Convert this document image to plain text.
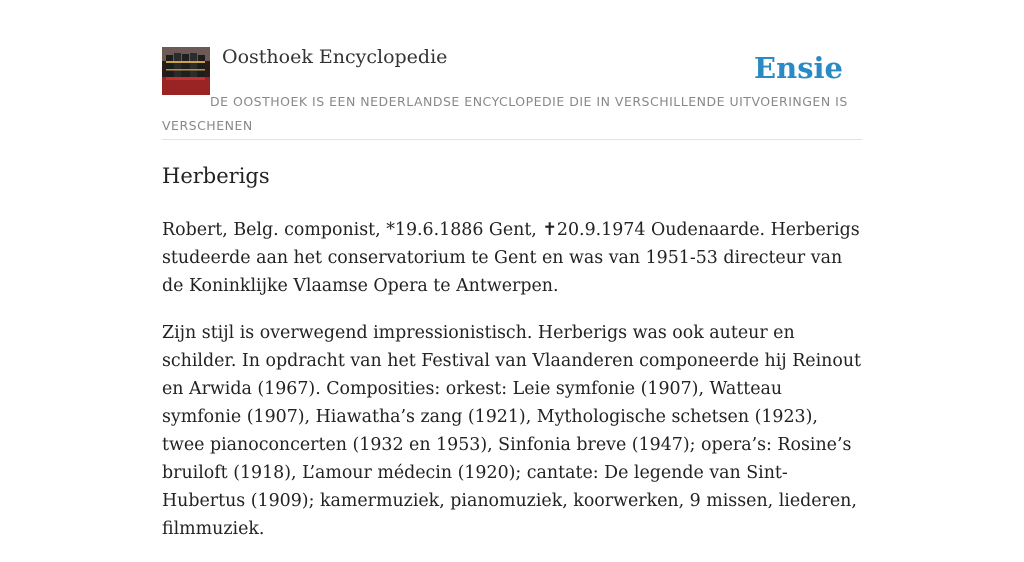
Oosthoek Encyclopedie	Ensie
DE OOSTHOEK IS EEN NEDERLANDSE ENCYCLOPEDIE DIE IN VERSCHILLENDE UITVOERINGEN IS VERSCHENEN
Herberigs

Robert, Belg. componist, *19.6.1886 Gent, ✝20.9.1974 Oudenaarde. Herberigs studeerde aan het conservatorium te Gent en was van 1951-53 directeur van de Koninklijke Vlaamse Opera te Antwerpen.

Zijn stijl is overwegend impressionistisch. Herberigs was ook auteur en schilder. In opdracht van het Festival van Vlaanderen componeerde hij Reinout en Arwida (1967). Composities: orkest: Leie symfonie (1907), Watteau symfonie (1907), Hiawatha’s zang (1921), Mythologische schetsen (1923), twee pianoconcerten (1932 en 1953), Sinfonia breve (1947); opera’s: Rosine’s bruiloft (1918), L’amour médecin (1920); cantate: De legende van Sint-Hubertus (1909); kamermuziek, pianomuziek, koorwerken, 9 missen, liederen, filmmuziek.
